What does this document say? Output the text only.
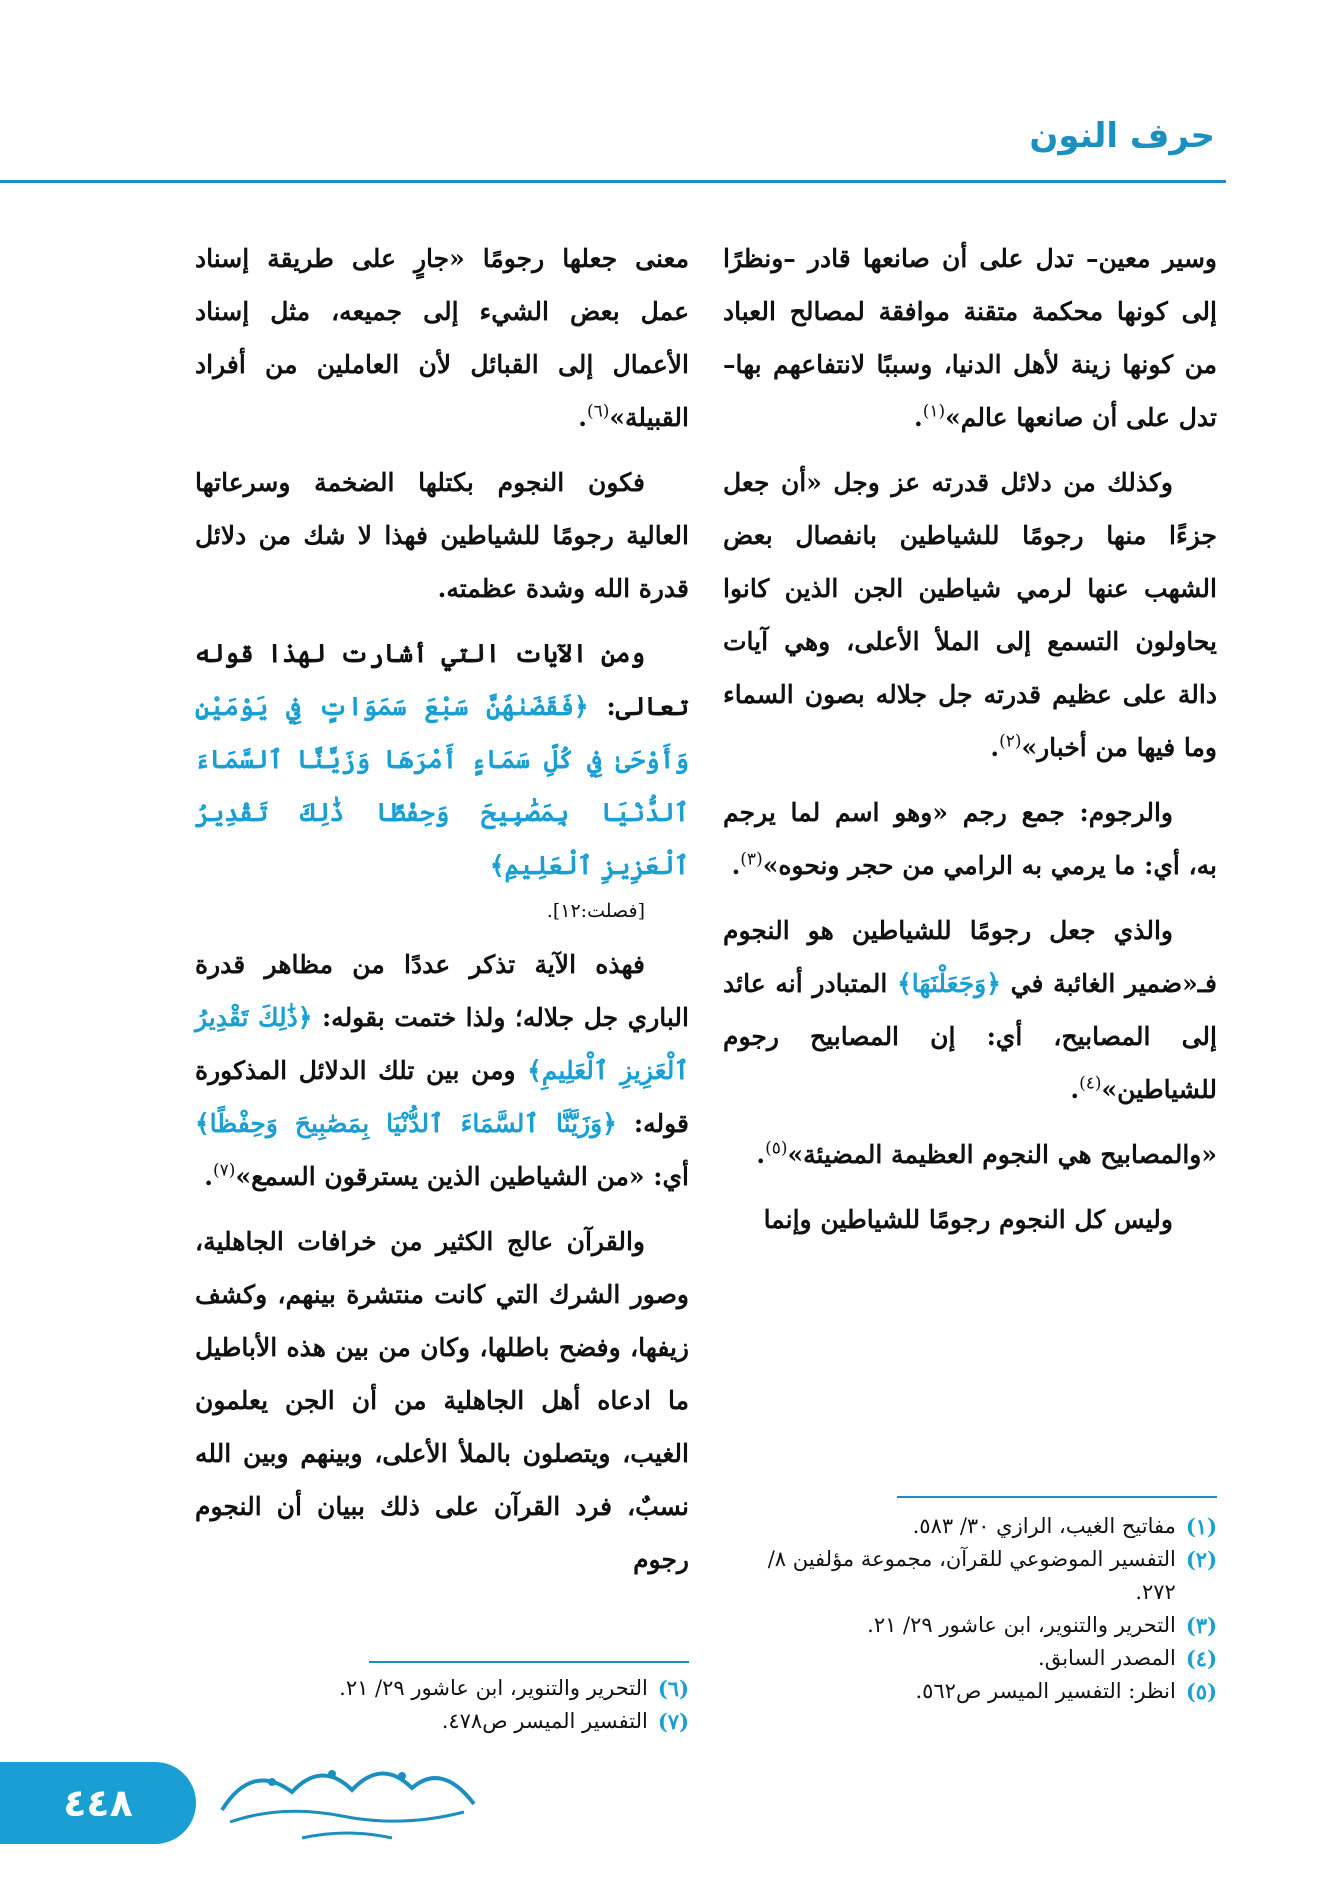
حرف النون

وسير معين– تدل على أن صانعها قادر –ونظرًا إلى كونها محكمة متقنة موافقة لمصالح العباد من كونها زينة لأهل الدنيا، وسببًا لانتفاعهم بها– تدل على أن صانعها عالم»$^{(١)}$.

وكذلك من دلائل قدرته عز وجل «أن جعل جزءًا منها رجومًا للشياطين بانفصال بعض الشهب عنها لرمي شياطين الجن الذين كانوا يحاولون التسمع إلى الملأ الأعلى، وهي آيات دالة على عظيم قدرته جل جلاله بصون السماء وما فيها من أخبار»$^{(٢)}$.

والرجوم: جمع رجم «وهو اسم لما يرجم به، أي: ما يرمي به الرامي من حجر ونحوه»$^{(٣)}$.

والذي جعل رجومًا للشياطين هو النجوم فـ«ضمير الغائبة في ﴿وَجَعَلْنَهَا﴾ المتبادر أنه عائد إلى المصابيح، أي: إن المصابيح رجوم للشياطين»$^{(٤)}$.

«والمصابيح هي النجوم العظيمة المضيئة»$^{(٥)}$.

وليس كل النجوم رجومًا للشياطين وإنما

معنى جعلها رجومًا «جارٍ على طريقة إسناد عمل بعض الشيء إلى جميعه، مثل إسناد الأعمال إلى القبائل لأن العاملين من أفراد القبيلة»$^{(٦)}$.

فكون النجوم بكتلها الضخمة وسرعاتها العالية رجومًا للشياطين فهذا لا شك من دلائل قدرة الله وشدة عظمته.

ومن الآيات التي أشارت لهذا قوله تعالى: ﴿فَقَضَىٰهُنَّ سَبْعَ سَمَوَاتٍ فِي يَوْمَيْنِ وَأَوْحَىٰ فِي كُلِّ سَمَاءٍ أَمْرَهَا وَزَيَّنَّا ٱلسَّمَاءَ ٱلدُّنْيَا بِمَصَٰبِيحَ وَحِفْظًا ذَٰلِكَ تَقْدِيرُ ٱلْعَزِيزِ ٱلْعَلِيمِ﴾
[فصلت:١٢].

فهذه الآية تذكر عددًا من مظاهر قدرة الباري جل جلاله؛ ولذا ختمت بقوله: ﴿ذَٰلِكَ تَقْدِيرُ ٱلْعَزِيزِ ٱلْعَلِيمِ﴾ ومن بين تلك الدلائل المذكورة قوله: ﴿وَزَيَّنَّا ٱلسَّمَاءَ ٱلدُّنْيَا بِمَصَٰبِيحَ وَحِفْظًا﴾ أي: «من الشياطين الذين يسترقون السمع»$^{(٧)}$.

والقرآن عالج الكثير من خرافات الجاهلية، وصور الشرك التي كانت منتشرة بينهم، وكشف زيفها، وفضح باطلها، وكان من بين هذه الأباطيل ما ادعاه أهل الجاهلية من أن الجن يعلمون الغيب، ويتصلون بالملأ الأعلى، وبينهم وبين الله نسبٌ، فرد القرآن على ذلك ببيان أن النجوم رجوم

(١)
مفاتيح الغيب، الرازي ٣٠/ ٥٨٣.
(٢)
التفسير الموضوعي للقرآن، مجموعة مؤلفين ٨/ ٢٧٢.
(٣)
التحرير والتنوير، ابن عاشور ٢٩/ ٢١.
(٤)
المصدر السابق.
(٥)
انظر: التفسير الميسر ص٥٦٢.
(٦)
التحرير والتنوير، ابن عاشور ٢٩/ ٢١.
(٧)
التفسير الميسر ص٤٧٨.
٤٤٨
